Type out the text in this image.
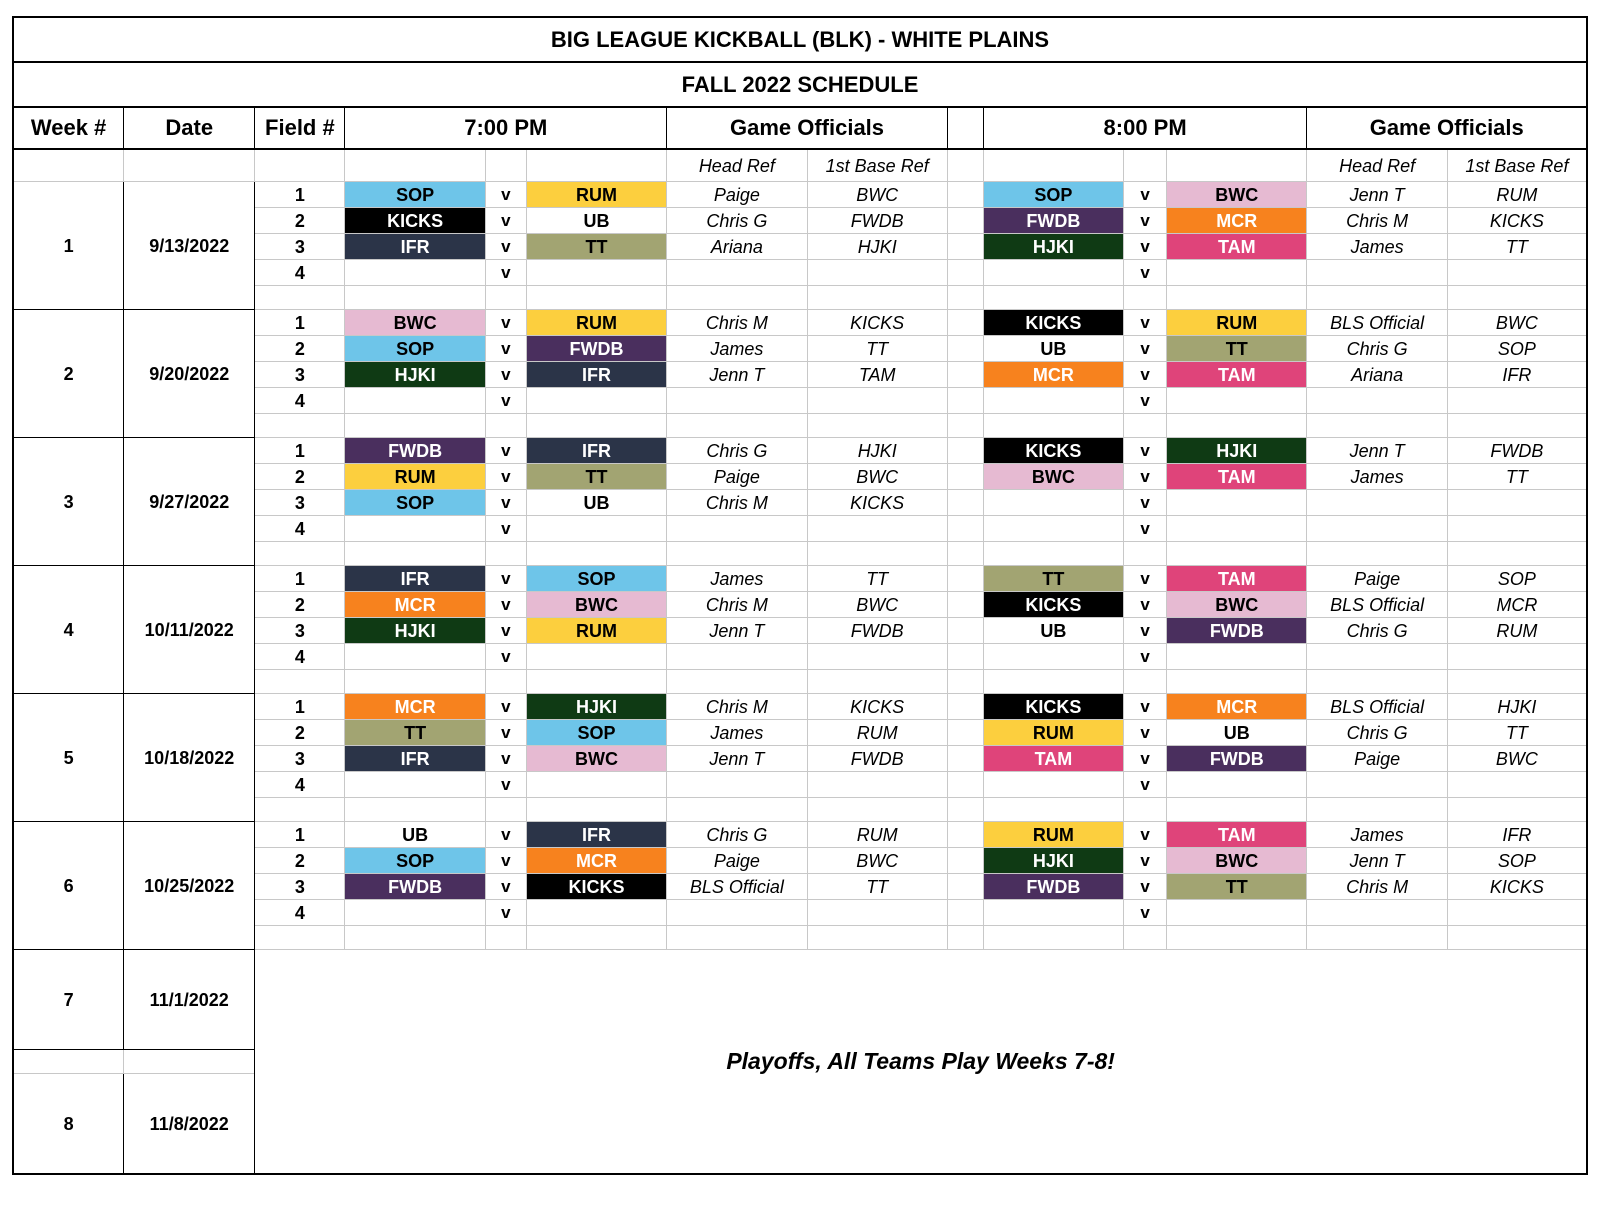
BIG LEAGUE KICKBALL (BLK) - WHITE PLAINS													
FALL 2022 SCHEDULE													
Week #	Date	Field #	7:00 PM			Game Officials			8:00 PM			Game Officials	
						Head Ref	1st Base Ref					Head Ref	1st Base Ref
1	9/13/2022	1	SOP	v	RUM	Paige	BWC		SOP	v	BWC	Jenn T	RUM
		2	KICKS	v	UB	Chris G	FWDB		FWDB	v	MCR	Chris M	KICKS
		3	IFR	v	TT	Ariana	HJKI		HJKI	v	TAM	James	TT
		4		v						v			

2	9/20/2022	1	BWC	v	RUM	Chris M	KICKS		KICKS	v	RUM	BLS Official	BWC
		2	SOP	v	FWDB	James	TT		UB	v	TT	Chris G	SOP
		3	HJKI	v	IFR	Jenn T	TAM		MCR	v	TAM	Ariana	IFR
		4		v						v			

3	9/27/2022	1	FWDB	v	IFR	Chris G	HJKI		KICKS	v	HJKI	Jenn T	FWDB
		2	RUM	v	TT	Paige	BWC		BWC	v	TAM	James	TT
		3	SOP	v	UB	Chris M	KICKS			v			
		4		v						v			

4	10/11/2022	1	IFR	v	SOP	James	TT		TT	v	TAM	Paige	SOP
		2	MCR	v	BWC	Chris M	BWC		KICKS	v	BWC	BLS Official	MCR
		3	HJKI	v	RUM	Jenn T	FWDB		UB	v	FWDB	Chris G	RUM
		4		v						v			

5	10/18/2022	1	MCR	v	HJKI	Chris M	KICKS		KICKS	v	MCR	BLS Official	HJKI
		2	TT	v	SOP	James	RUM		RUM	v	UB	Chris G	TT
		3	IFR	v	BWC	Jenn T	FWDB		TAM	v	FWDB	Paige	BWC
		4		v						v			

6	10/25/2022	1	UB	v	IFR	Chris G	RUM		RUM	v	TAM	James	IFR
		2	SOP	v	MCR	Paige	BWC		HJKI	v	BWC	Jenn T	SOP
		3	FWDB	v	KICKS	BLS Official	TT		FWDB	v	TT	Chris M	KICKS
		4		v						v			

7	11/1/2022	Playoffs, All Teams Play Weeks 7-8!											

8	11/8/2022												
